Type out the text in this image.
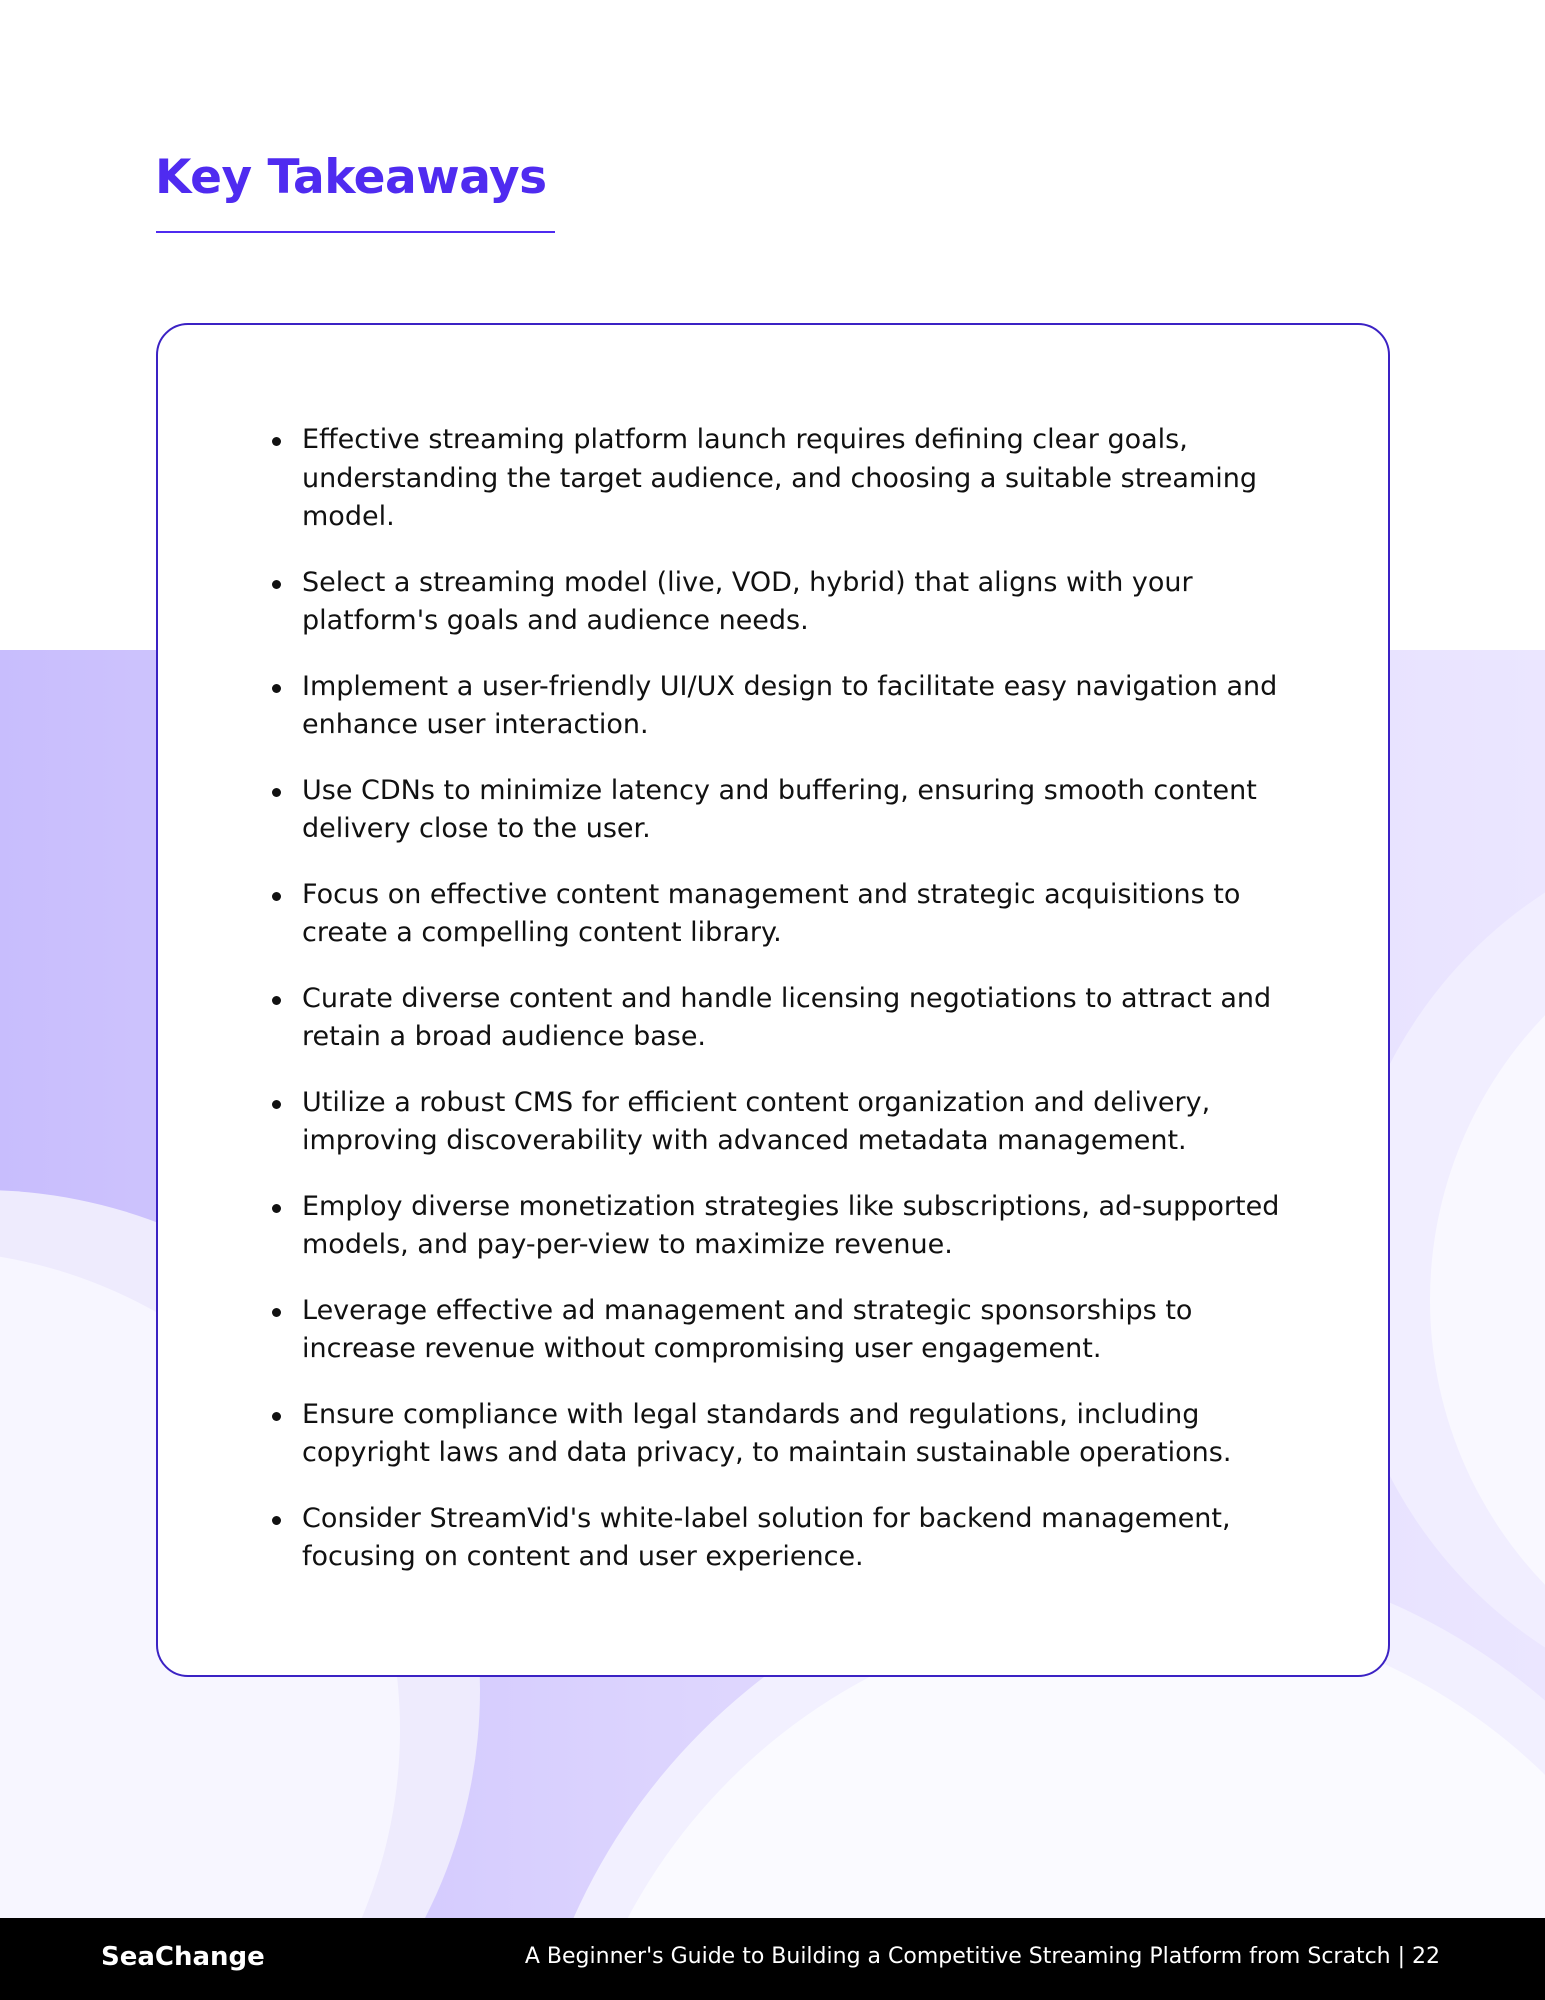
Key Takeaways
Effective streaming platform launch requires defining clear goals, understanding the target audience, and choosing a suitable streaming model.
Select a streaming model (live, VOD, hybrid) that aligns with your platform's goals and audience needs.
Implement a user-friendly UI/UX design to facilitate easy navigation and enhance user interaction.
Use CDNs to minimize latency and buffering, ensuring smooth content delivery close to the user.
Focus on effective content management and strategic acquisitions to create a compelling content library.
Curate diverse content and handle licensing negotiations to attract and retain a broad audience base.
Utilize a robust CMS for efficient content organization and delivery, improving discoverability with advanced metadata management.
Employ diverse monetization strategies like subscriptions, ad-supported models, and pay-per-view to maximize revenue.
Leverage effective ad management and strategic sponsorships to increase revenue without compromising user engagement.
Ensure compliance with legal standards and regulations, including copyright laws and data privacy, to maintain sustainable operations.
Consider StreamVid's white-label solution for backend management, focusing on content and user experience.
SeaChange	A Beginner's Guide to Building a Competitive Streaming Platform from Scratch | 22
